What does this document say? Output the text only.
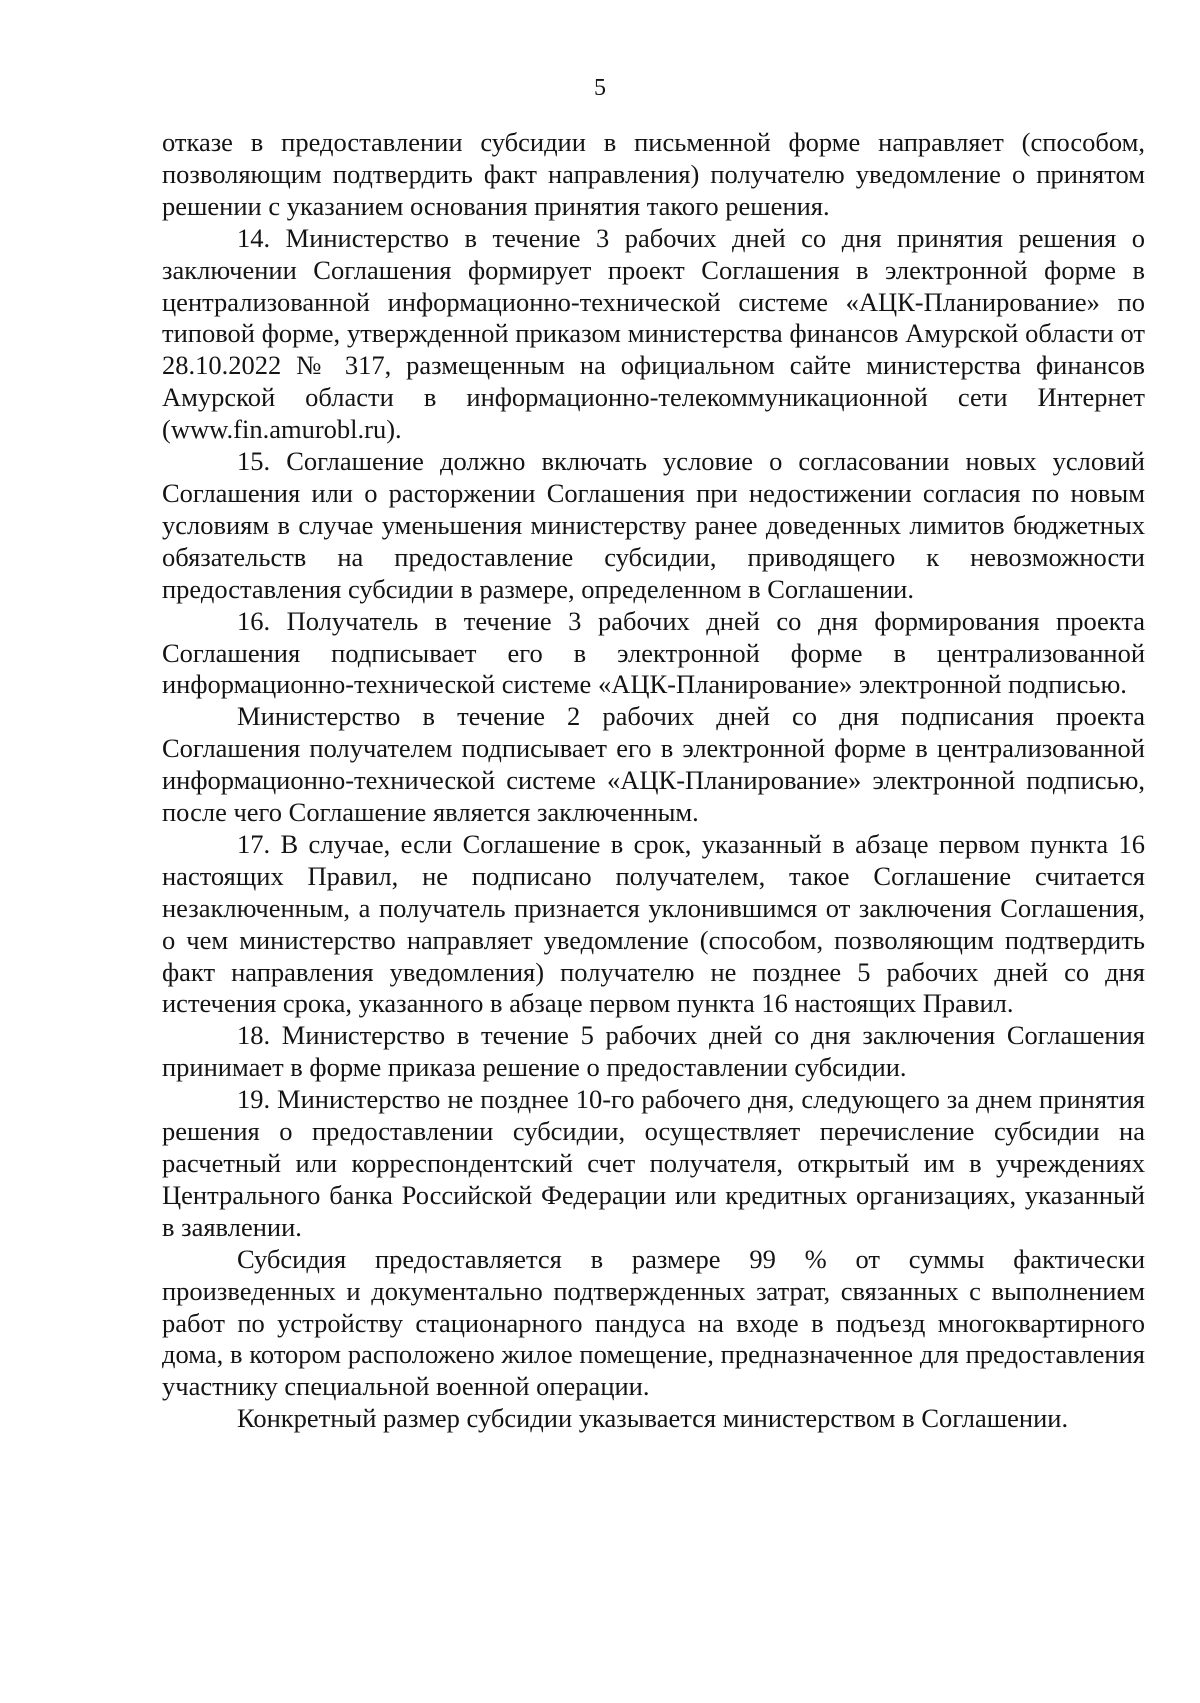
5

отказе в предоставлении субсидии в письменной форме направляет (способом, позволяющим подтвердить факт направления) получателю уведомление о принятом решении с указанием основания принятия такого решения.

14. Министерство в течение 3 рабочих дней со дня принятия решения о заключении Соглашения формирует проект Соглашения в электронной форме в централизованной информационно-технической системе «АЦК-Планирование» по типовой форме, утвержденной приказом министерства финансов Амурской области от 28.10.2022 № 317, размещенным на официальном сайте министерства финансов Амурской области в информационно-телекоммуникационной сети Интернет (www.fin.amurobl.ru).

15. Соглашение должно включать условие о согласовании новых условий Соглашения или о расторжении Соглашения при недостижении согласия по новым условиям в случае уменьшения министерству ранее доведенных лимитов бюджетных обязательств на предоставление субсидии, приводящего к невозможности предоставления субсидии в размере, определенном в Соглашении.

16. Получатель в течение 3 рабочих дней со дня формирования проекта Соглашения подписывает его в электронной форме в централизованной информационно-технической системе «АЦК-Планирование» электронной подписью.

Министерство в течение 2 рабочих дней со дня подписания проекта Соглашения получателем подписывает его в электронной форме в централизованной информационно-технической системе «АЦК-Планирование» электронной подписью, после чего Соглашение является заключенным.

17. В случае, если Соглашение в срок, указанный в абзаце первом пункта 16 настоящих Правил, не подписано получателем, такое Соглашение считается незаключенным, а получатель признается уклонившимся от заключения Соглашения, о чем министерство направляет уведомление (способом, позволяющим подтвердить факт направления уведомления) получателю не позднее 5 рабочих дней со дня истечения срока, указанного в абзаце первом пункта 16 настоящих Правил.

18. Министерство в течение 5 рабочих дней со дня заключения Соглашения принимает в форме приказа решение о предоставлении субсидии.

19. Министерство не позднее 10-го рабочего дня, следующего за днем принятия решения о предоставлении субсидии, осуществляет перечисление субсидии на расчетный или корреспондентский счет получателя, открытый им в учреждениях Центрального банка Российской Федерации или кредитных организациях, указанный в заявлении.

Субсидия предоставляется в размере 99 % от суммы фактически произведенных и документально подтвержденных затрат, связанных с выполнением работ по устройству стационарного пандуса на входе в подъезд многоквартирного дома, в котором расположено жилое помещение, предназначенное для предоставления участнику специальной военной операции.

Конкретный размер субсидии указывается министерством в Соглашении.
